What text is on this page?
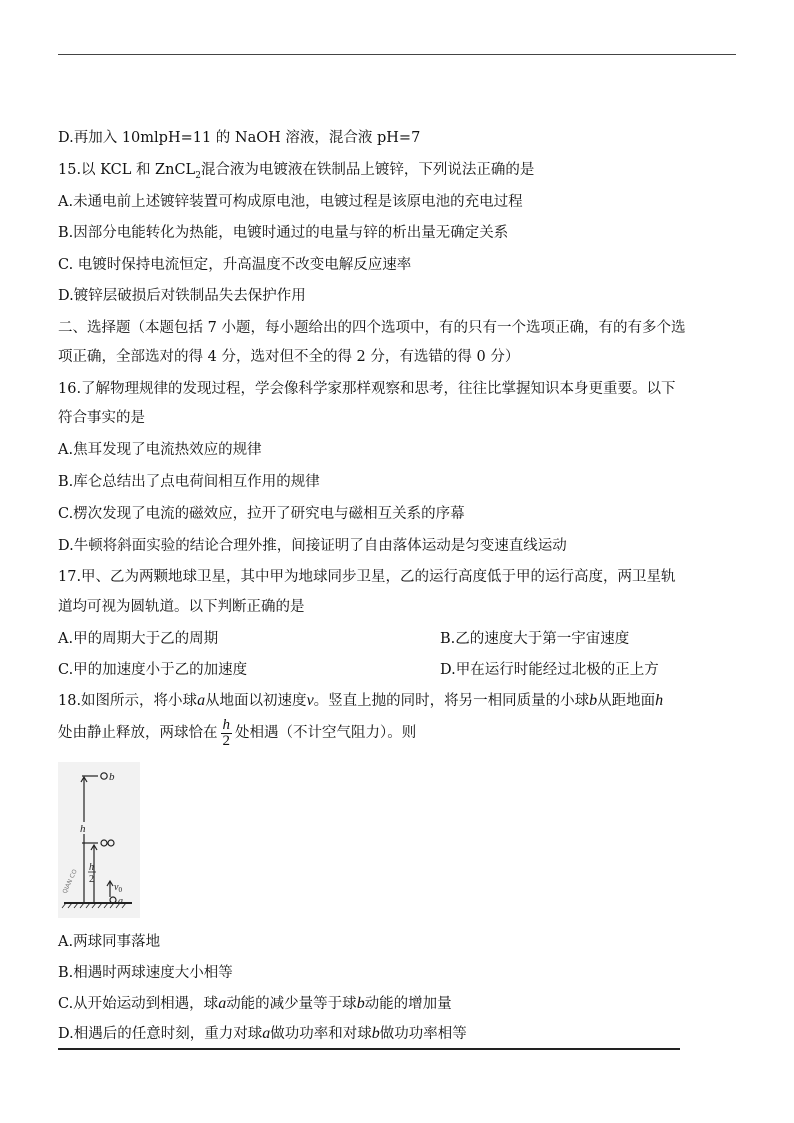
D.再加入 10mlpH=11 的 NaOH 溶液，混合液 pH=7
15.以 KCL 和 ZnCL$_2$混合液为电镀液在铁制品上镀锌，下列说法正确的是
A.未通电前上述镀锌装置可构成原电池，电镀过程是该原电池的充电过程
B.因部分电能转化为热能，电镀时通过的电量与锌的析出量无确定关系
C. 电镀时保持电流恒定，升高温度不改变电解反应速率
D.镀锌层破损后对铁制品失去保护作用
二、选择题（本题包括 7 小题，每小题给出的四个选项中，有的只有一个选项正确，有的有多个选
项正确，全部选对的得 4 分，选对但不全的得 2 分，有选错的得 0 分）
16.了解物理规律的发现过程，学会像科学家那样观察和思考，往往比掌握知识本身更重要。以下
符合事实的是
A.焦耳发现了电流热效应的规律
B.库仑总结出了点电荷间相互作用的规律
C.楞次发现了电流的磁效应，拉开了研究电与磁相互关系的序幕
D.牛顿将斜面实验的结论合理外推，间接证明了自由落体运动是匀变速直线运动
17.甲、乙为两颗地球卫星，其中甲为地球同步卫星，乙的运行高度低于甲的运行高度，两卫星轨
道均可视为圆轨道。以下判断正确的是
A.甲的周期大于乙的周期	B.乙的速度大于第一宇宙速度
C.甲的加速度小于乙的加速度	D.甲在运行时能经过北极的正上方
18.如图所示，将小球a从地面以初速度v。竖直上抛的同时，将另一相同质量的小球b从距地面h
处由静止释放，两球恰在 $\frac{h}{2}$ 处相遇（不计空气阻力）。则
b
h
h
2
$v_0$
a
QIAN CO
A.两球同事落地
B.相遇时两球速度大小相等
C.从开始运动到相遇，球a动能的减少量等于球b动能的增加量
D.相遇后的任意时刻，重力对球a做功功率和对球b做功功率相等
